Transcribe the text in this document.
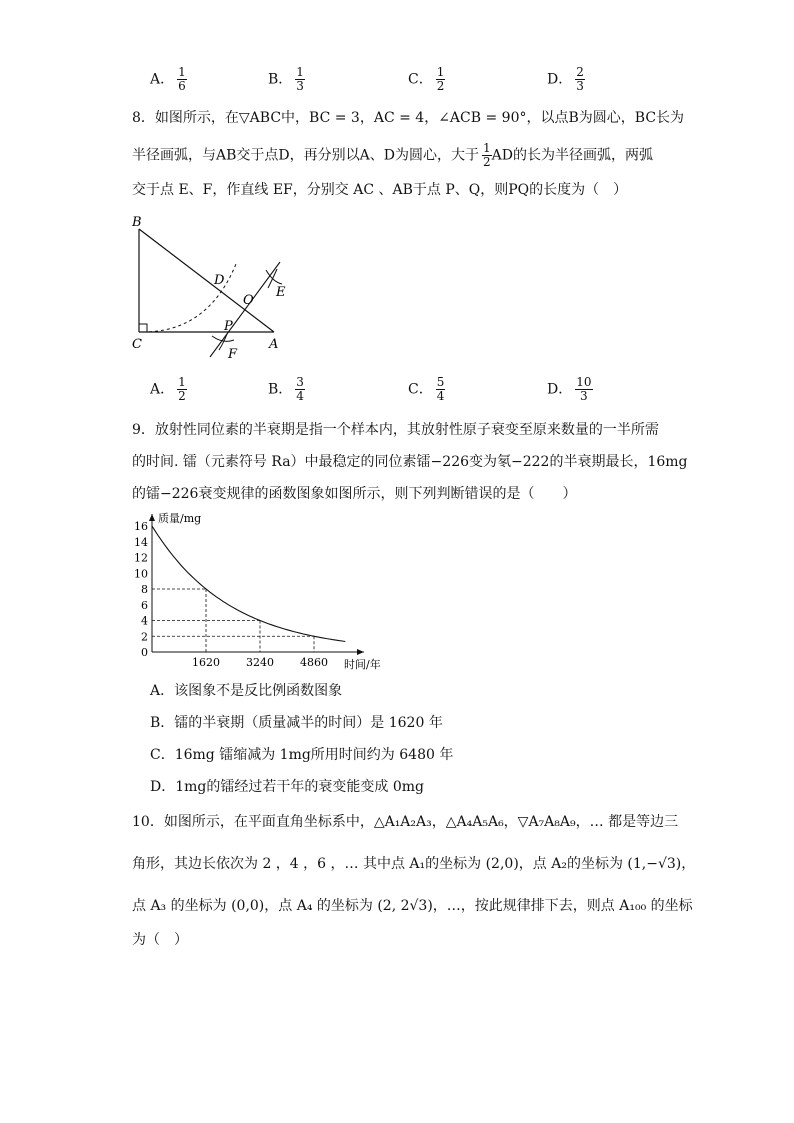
A． $\frac{1}{6}$	B． $\frac{1}{3}$	C． $\frac{1}{2}$	D． $\frac{2}{3}$
8．如图所示，在▽ABC中，BC = 3，AC = 4，∠ACB = 90°，以点B为圆心，BC长为
半径画弧，与AB交于点D，再分别以A、D为圆心，大于 $\frac{1}{2}$ AD的长为半径画弧，两弧
交于点 E、F，作直线 EF，分别交 AC 、AB于点 P、Q，则PQ的长度为（　）
B
C	A
D
O
E
P
F
A． $\frac{1}{2}$	B． $\frac{3}{4}$	C． $\frac{5}{4}$	D． $\frac{10}{3}$
9．放射性同位素的半衰期是指一个样本内，其放射性原子衰变至原来数量的一半所需
的时间. 镭（元素符号 Ra）中最稳定的同位素镭−226变为氡−222的半衰期最长，16mg
的镭−226衰变规律的函数图象如图所示，则下列判断错误的是（　　）
16
14
12
10
8
6
4
2
0
1620 3240 4860
质量/mg
时间/年
A．该图象不是反比例函数图象
B．镭的半衰期（质量减半的时间）是 1620 年
C．16mg 镭缩减为 1mg所用时间约为 6480 年
D．1mg的镭经过若干年的衰变能变成 0mg
10．如图所示，在平面直角坐标系中，△A₁A₂A₃，△A₄A₅A₆，▽A₇A₈A₉，… 都是等边三
角形，其边长依次为 2 ，4 ，6 ，… 其中点 A₁的坐标为 (2,0)，点 A₂的坐标为 (1,−√3)，
点 A₃ 的坐标为 (0,0)，点 A₄ 的坐标为 (2, 2√3)，…，按此规律排下去，则点 A₁₀₀ 的坐标
为（　）
